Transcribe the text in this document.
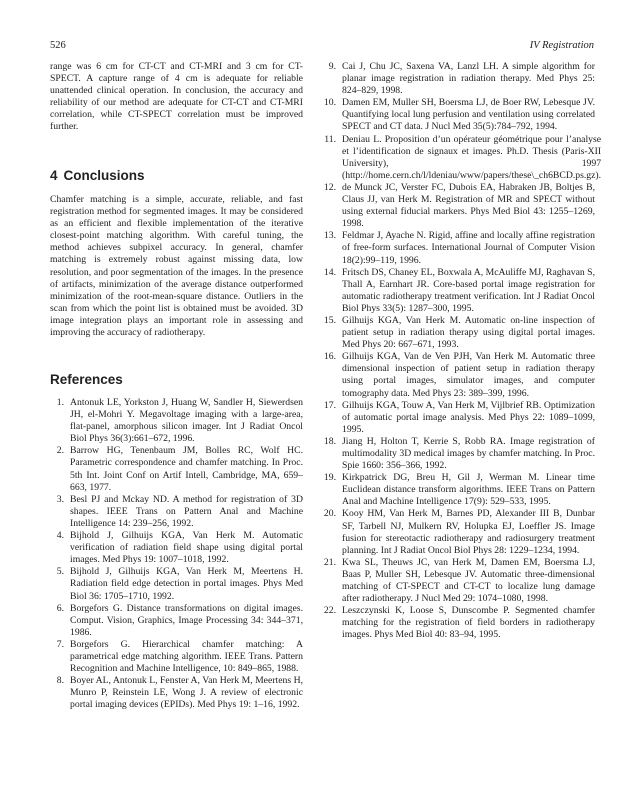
526	IV Registration

range was 6 cm for CT-CT and CT-MRI and 3 cm for CT-SPECT. A capture range of 4 cm is adequate for reliable unattended clinical operation. In conclusion, the accuracy and reliability of our method are adequate for CT-CT and CT-MRI correlation, while CT-SPECT correlation must be improved further.

4 Conclusions

Chamfer matching is a simple, accurate, reliable, and fast registration method for segmented images. It may be considered as an efficient and flexible implementation of the iterative closest-point matching algorithm. With careful tuning, the method achieves subpixel accuracy. In general, chamfer matching is extremely robust against missing data, low resolution, and poor segmentation of the images. In the presence of artifacts, minimization of the average distance outperformed minimization of the root-mean-square distance. Outliers in the scan from which the point list is obtained must be avoided. 3D image integration plays an important role in assessing and improving the accuracy of radiotherapy.

References
1. Antonuk LE, Yorkston J, Huang W, Sandler H, Siewerdsen JH, el-Mohri Y. Megavoltage imaging with a large-area, flat-panel, amorphous silicon imager. Int J Radiat Oncol Biol Phys 36(3):661–672, 1996.
2. Barrow HG, Tenenbaum JM, Bolles RC, Wolf HC. Parametric correspondence and chamfer matching. In Proc. 5th Int. Joint Conf on Artif Intell, Cambridge, MA, 659–663, 1977.
3. Besl PJ and Mckay ND. A method for registration of 3D shapes. IEEE Trans on Pattern Anal and Machine Intelligence 14: 239–256, 1992.
4. Bijhold J, Gilhuijs KGA, Van Herk M. Automatic verification of radiation field shape using digital portal images. Med Phys 19: 1007–1018, 1992.
5. Bijhold J, Gilhuijs KGA, Van Herk M, Meertens H. Radiation field edge detection in portal images. Phys Med Biol 36: 1705–1710, 1992.
6. Borgefors G. Distance transformations on digital images. Comput. Vision, Graphics, Image Processing 34: 344–371, 1986.
7. Borgefors G. Hierarchical chamfer matching: A parametrical edge matching algorithm. IEEE Trans. Pattern Recognition and Machine Intelligence, 10: 849–865, 1988.
8. Boyer AL, Antonuk L, Fenster A, Van Herk M, Meertens H, Munro P, Reinstein LE, Wong J. A review of electronic portal imaging devices (EPIDs). Med Phys 19: 1–16, 1992.
9. Cai J, Chu JC, Saxena VA, Lanzl LH. A simple algorithm for planar image registration in radiation therapy. Med Phys 25: 824–829, 1998.
10. Damen EM, Muller SH, Boersma LJ, de Boer RW, Lebesque JV. Quantifying local lung perfusion and ventilation using correlated SPECT and CT data. J Nucl Med 35(5):784–792, 1994.
11. Deniau L. Proposition d’un opérateur géométrique pour l’analyse et l’identification de signaux et images. Ph.D. Thesis (Paris-XII University), 1997 (http://home.cern.ch/l/ldeniau/www/papers/these\_ch6BCD.ps.gz).
12. de Munck JC, Verster FC, Dubois EA, Habraken JB, Boltjes B, Claus JJ, van Herk M. Registration of MR and SPECT without using external fiducial markers. Phys Med Biol 43: 1255–1269, 1998.
13. Feldmar J, Ayache N. Rigid, affine and locally affine registration of free-form surfaces. International Journal of Computer Vision 18(2):99–119, 1996.
14. Fritsch DS, Chaney EL, Boxwala A, McAuliffe MJ, Raghavan S, Thall A, Earnhart JR. Core-based portal image registration for automatic radiotherapy treatment verification. Int J Radiat Oncol Biol Phys 33(5): 1287–300, 1995.
15. Gilhuijs KGA, Van Herk M. Automatic on-line inspection of patient setup in radiation therapy using digital portal images. Med Phys 20: 667–671, 1993.
16. Gilhuijs KGA, Van de Ven PJH, Van Herk M. Automatic three dimensional inspection of patient setup in radiation therapy using portal images, simulator images, and computer tomography data. Med Phys 23: 389–399, 1996.
17. Gilhuijs KGA, Touw A, Van Herk M, Vijlbrief RB. Optimization of automatic portal image analysis. Med Phys 22: 1089–1099, 1995.
18. Jiang H, Holton T, Kerrie S, Robb RA. Image registration of multimodality 3D medical images by chamfer matching. In Proc. Spie 1660: 356–366, 1992.
19. Kirkpatrick DG, Breu H, Gil J, Werman M. Linear time Euclidean distance transform algorithms. IEEE Trans on Pattern Anal and Machine Intelligence 17(9): 529–533, 1995.
20. Kooy HM, Van Herk M, Barnes PD, Alexander III B, Dunbar SF, Tarbell NJ, Mulkern RV, Holupka EJ, Loeffler JS. Image fusion for stereotactic radiotherapy and radiosurgery treatment planning. Int J Radiat Oncol Biol Phys 28: 1229–1234, 1994.
21. Kwa SL, Theuws JC, van Herk M, Damen EM, Boersma LJ, Baas P, Muller SH, Lebesque JV. Automatic three-dimensional matching of CT-SPECT and CT-CT to localize lung damage after radiotherapy. J Nucl Med 29: 1074–1080, 1998.
22. Leszczynski K, Loose S, Dunscombe P. Segmented chamfer matching for the registration of field borders in radiotherapy images. Phys Med Biol 40: 83–94, 1995.
